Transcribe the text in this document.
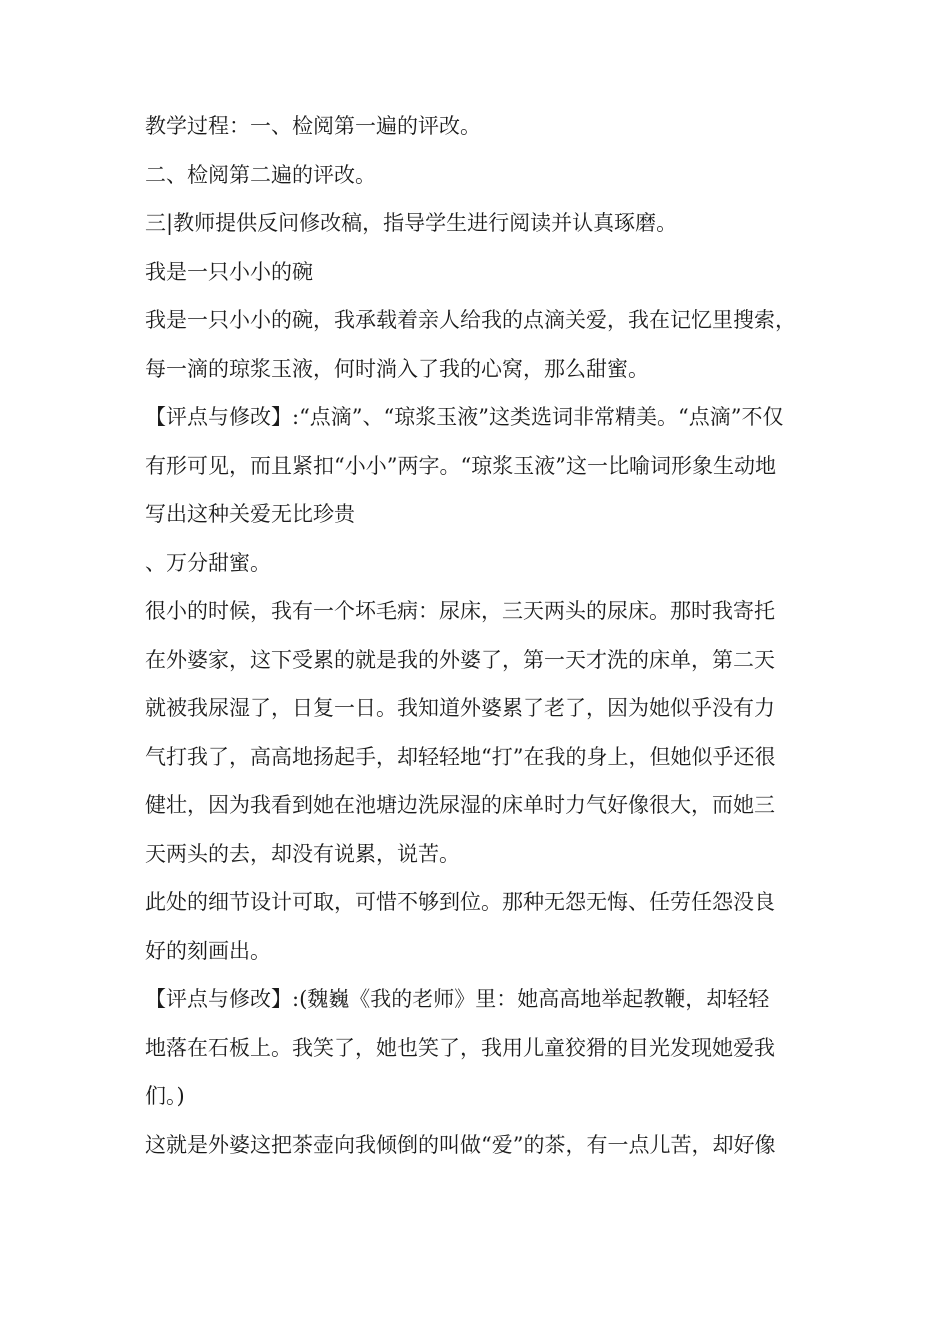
教学过程：一、检阅第一遍的评改。
二、检阅第二遍的评改。
三|教师提供反问修改稿，指导学生进行阅读并认真琢磨。
我是一只小小的碗
我是一只小小的碗，我承载着亲人给我的点滴关爱，我在记忆里搜索，
每一滴的琼浆玉液，何时淌入了我的心窝，那么甜蜜。
【评点与修改】:“点滴”、“琼浆玉液”这类选词非常精美。“点滴”不仅
有形可见，而且紧扣“小小”两字。“琼浆玉液”这一比喻词形象生动地
写出这种关爱无比珍贵
、万分甜蜜。
很小的时候，我有一个坏毛病：尿床，三天两头的尿床。那时我寄托
在外婆家，这下受累的就是我的外婆了，第一天才洗的床单，第二天
就被我尿湿了，日复一日。我知道外婆累了老了，因为她似乎没有力
气打我了，高高地扬起手，却轻轻地“打”在我的身上，但她似乎还很
健壮，因为我看到她在池塘边洗尿湿的床单时力气好像很大，而她三
天两头的去，却没有说累，说苦。
此处的细节设计可取，可惜不够到位。那种无怨无悔、任劳任怨没良
好的刻画出。
【评点与修改】:(魏巍《我的老师》里：她高高地举起教鞭，却轻轻
地落在石板上。我笑了，她也笑了，我用儿童狡猾的目光发现她爱我
们。)
这就是外婆这把茶壶向我倾倒的叫做“爱”的茶，有一点儿苦，却好像
